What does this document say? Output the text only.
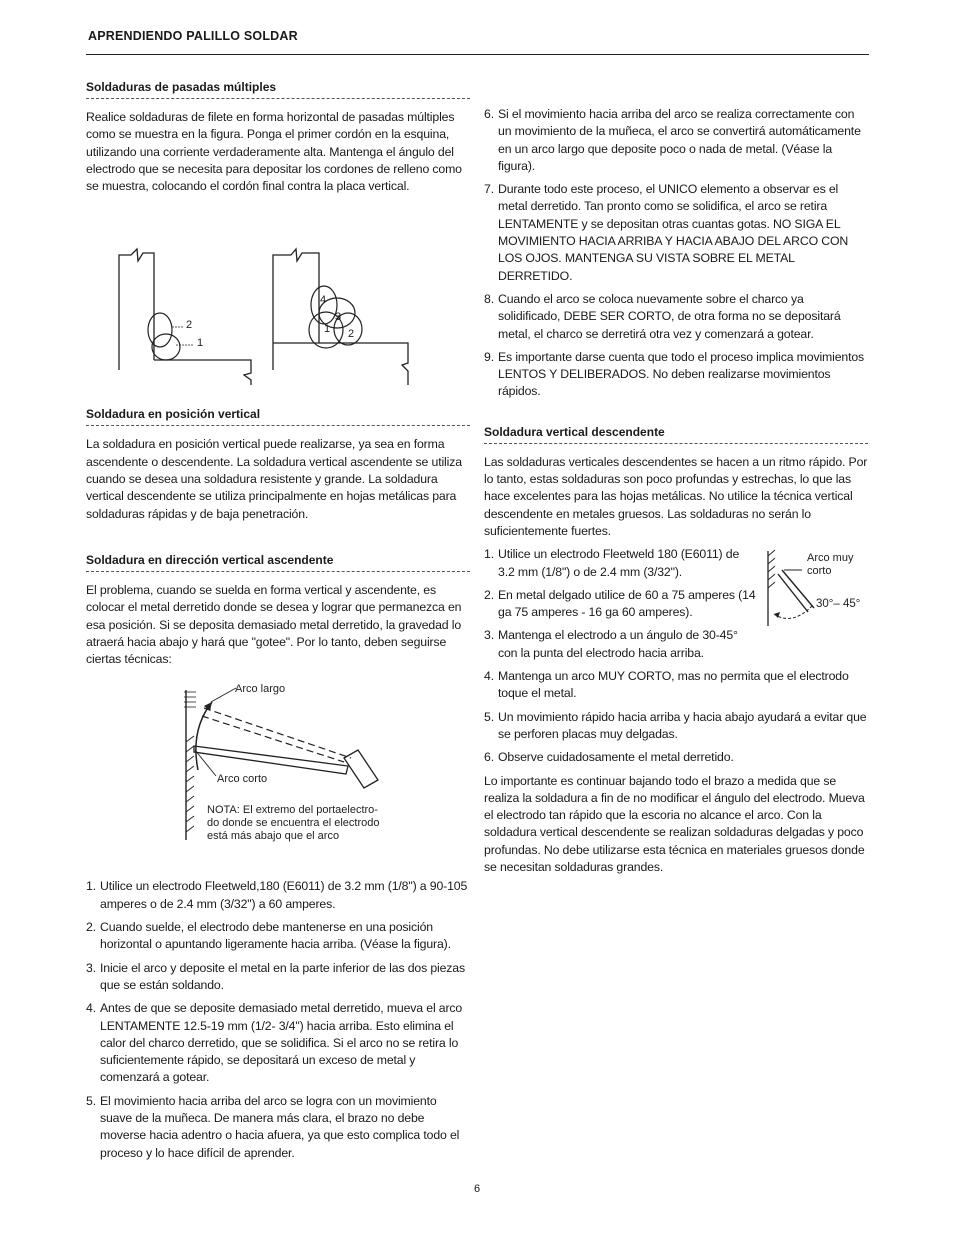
APRENDIENDO PALILLO SOLDAR
Soldaduras de pasadas múltiples

Realice soldaduras de filete en forma horizontal de pasadas múltiples como se muestra en la figura. Ponga el primer cordón en la esquina, utilizando una corriente verdaderamente alta. Mantenga el ángulo del electrodo que se necesita para depositar los cordones de relleno como se muestra, colocando el cordón final contra la placa vertical.

2
1
4
3
1 2
Soldadura en posición vertical

La soldadura en posición vertical puede realizarse, ya sea en forma ascendente o descendente. La soldadura vertical ascendente se utiliza cuando se desea una soldadura resistente y grande. La soldadura vertical descendente se utiliza principalmente en hojas metálicas para soldaduras rápidas y de baja penetración.

Soldadura en dirección vertical ascendente

El problema, cuando se suelda en forma vertical y ascendente, es colocar el metal derretido donde se desea y lograr que permanezca en esa posición. Si se deposita demasiado metal derretido, la gravedad lo atraerá hacia abajo y hará que "gotee". Por lo tanto, deben seguirse ciertas técnicas:

Arco largo
Arco corto
NOTA: El extremo del portaelectro-
do donde se encuentra el electrodo
está más abajo que el arco
1. Utilice un electrodo Fleetweld,180 (E6011) de 3.2 mm (1/8") a 90-105 amperes o de 2.4 mm (3/32") a 60 amperes.
2. Cuando suelde, el electrodo debe mantenerse en una posición horizontal o apuntando ligeramente hacia arriba. (Véase la figura).
3. Inicie el arco y deposite el metal en la parte inferior de las dos piezas que se están soldando.
4. Antes de que se deposite demasiado metal derretido, mueva el arco LENTAMENTE 12.5-19 mm (1/2- 3/4") hacia arriba. Esto elimina el calor del charco derretido, que se solidifica. Si el arco no se retira lo suficientemente rápido, se depositará un exceso de metal y comenzará a gotear.
5. El movimiento hacia arriba del arco se logra con un movimiento suave de la muñeca. De manera más clara, el brazo no debe moverse hacia adentro o hacia afuera, ya que esto complica todo el proceso y lo hace difícil de aprender.
6. Si el movimiento hacia arriba del arco se realiza correctamente con un movimiento de la muñeca, el arco se convertirá automáticamente en un arco largo que deposite poco o nada de metal. (Véase la figura).
7. Durante todo este proceso, el UNICO elemento a observar es el metal derretido. Tan pronto como se solidifica, el arco se retira LENTAMENTE y se depositan otras cuantas gotas. NO SIGA EL MOVIMIENTO HACIA ARRIBA Y HACIA ABAJO DEL ARCO CON LOS OJOS. MANTENGA SU VISTA SOBRE EL METAL DERRETIDO.
8. Cuando el arco se coloca nuevamente sobre el charco ya solidificado, DEBE SER CORTO, de otra forma no se depositará metal, el charco se derretirá otra vez y comenzará a gotear.
9. Es importante darse cuenta que todo el proceso implica movimientos LENTOS Y DELIBERADOS. No deben realizarse movimientos rápidos.
Soldadura vertical descendente

Las soldaduras verticales descendentes se hacen a un ritmo rápido. Por lo tanto, estas soldaduras son poco profundas y estrechas, lo que las hace excelentes para las hojas metálicas. No utilice la técnica vertical descendente en metales gruesos. Las soldaduras no serán lo suficientemente fuertes.

Arco muy
corto
30°– 45°
1. Utilice un electrodo Fleetweld 180 (E6011) de 3.2 mm (1/8") o de 2.4 mm (3/32").
2. En metal delgado utilice de 60 a 75 amperes (14 ga 75 amperes - 16 ga 60 amperes).
3. Mantenga el electrodo a un ángulo de 30-45° con la punta del electrodo hacia arriba.
4. Mantenga un arco MUY CORTO, mas no permita que el electrodo toque el metal.
5. Un movimiento rápido hacia arriba y hacia abajo ayudará a evitar que se perforen placas muy delgadas.
6. Observe cuidadosamente el metal derretido.

Lo importante es continuar bajando todo el brazo a medida que se realiza la soldadura a fin de no modificar el ángulo del electrodo. Mueva el electrodo tan rápido que la escoria no alcance el arco. Con la soldadura vertical descendente se realizan soldaduras delgadas y poco profundas. No debe utilizarse esta técnica en materiales gruesos donde se necesitan soldaduras grandes.

6
